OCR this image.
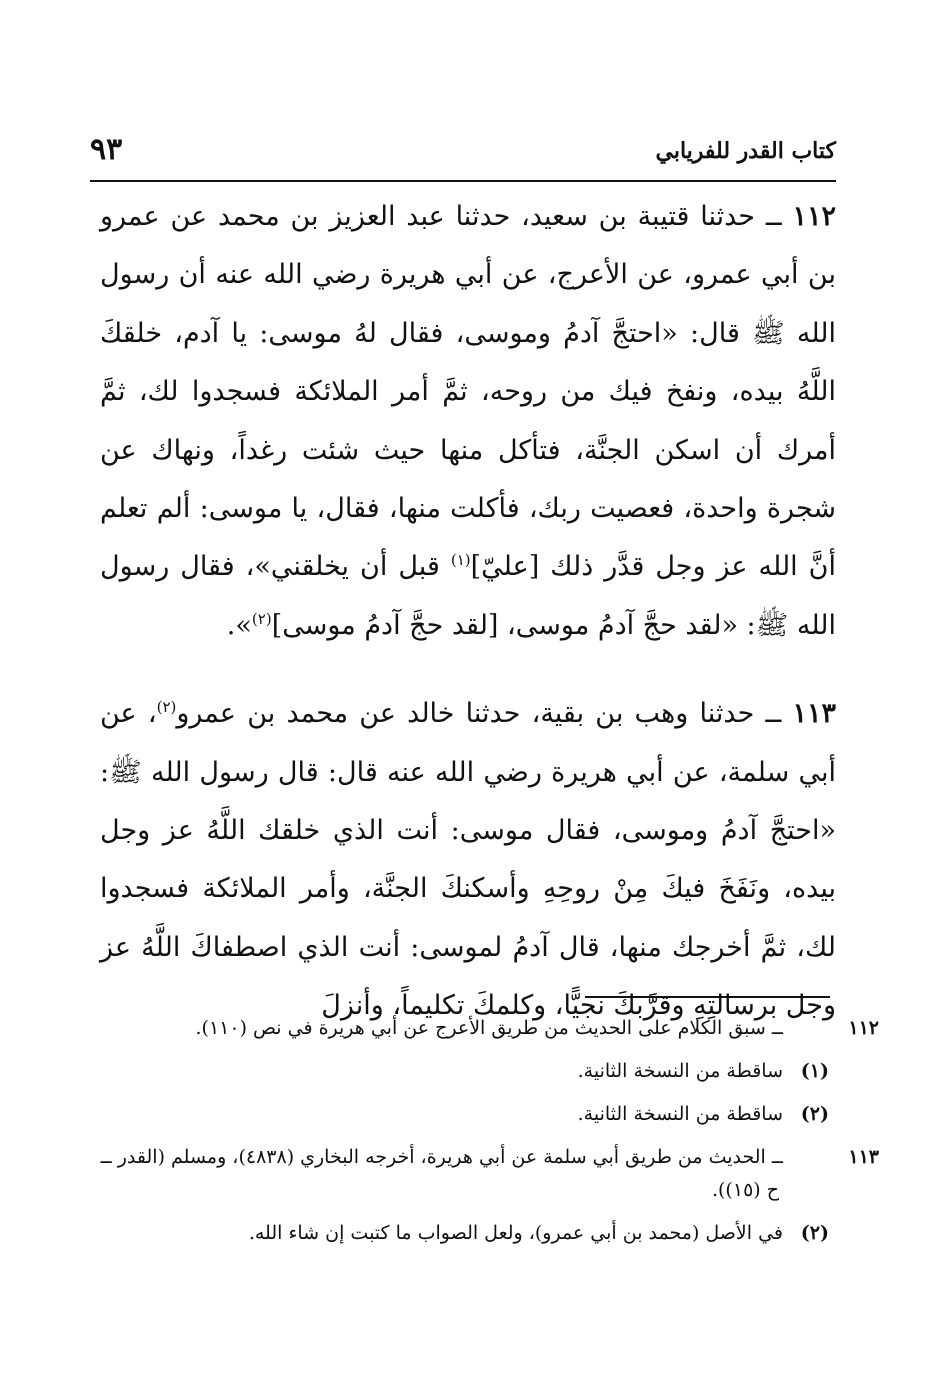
٩٣	كتاب القدر للفريابي

١١٢ ــ حدثنا قتيبة بن سعيد، حدثنا عبد العزيز بن محمد عن عمرو بن أبي عمرو، عن الأعرج، عن أبي هريرة رضي الله عنه أن رسول الله ﷺ قال: «احتجَّ آدمُ وموسى، فقال لهُ موسى: يا آدم، خلقكَ اللَّهُ بيده، ونفخ فيك من روحه، ثمَّ أمر الملائكة فسجدوا لك، ثمَّ أمرك أن اسكن الجنَّة، فتأكل منها حيث شئت رغداً، ونهاك عن شجرة واحدة، فعصيت ربك، فأكلت منها، فقال، يا موسى: ألم تعلم أنَّ الله عز وجل قدَّر ذلك [عليّ]$^{(١)}$ قبل أن يخلقني»، فقال رسول الله ﷺ: «لقد حجَّ آدمُ موسى، [لقد حجَّ آدمُ موسى]$^{(٢)}$».

١١٣ ــ حدثنا وهب بن بقية، حدثنا خالد عن محمد بن عمرو$^{(٢)}$، عن أبي سلمة، عن أبي هريرة رضي الله عنه قال: قال رسول الله ﷺ: «احتجَّ آدمُ وموسى، فقال موسى: أنت الذي خلقك اللَّهُ عز وجل بيده، ونَفَخَ فيكَ مِنْ روحِهِ وأسكنكَ الجنَّة، وأمر الملائكة فسجدوا لك، ثمَّ أخرجك منها، قال آدمُ لموسى: أنت الذي اصطفاكَ اللَّهُ عز وجل برسالتِهِ وقرَّبكَ نجيًّا، وكلمكَ تكليماً، وأنزلَ

١١٢ــ سبق الكلام على الحديث من طريق الأعرج عن أبي هريرة في نص (١١٠).

(١)ساقطة من النسخة الثانية.

(٢)ساقطة من النسخة الثانية.

١١٣ــ الحديث من طريق أبي سلمة عن أبي هريرة، أخرجه البخاري (٤٨٣٨)، ومسلم (القدر ــ ح (١٥)).

(٢)في الأصل (محمد بن أبي عمرو)، ولعل الصواب ما كتبت إن شاء الله.
